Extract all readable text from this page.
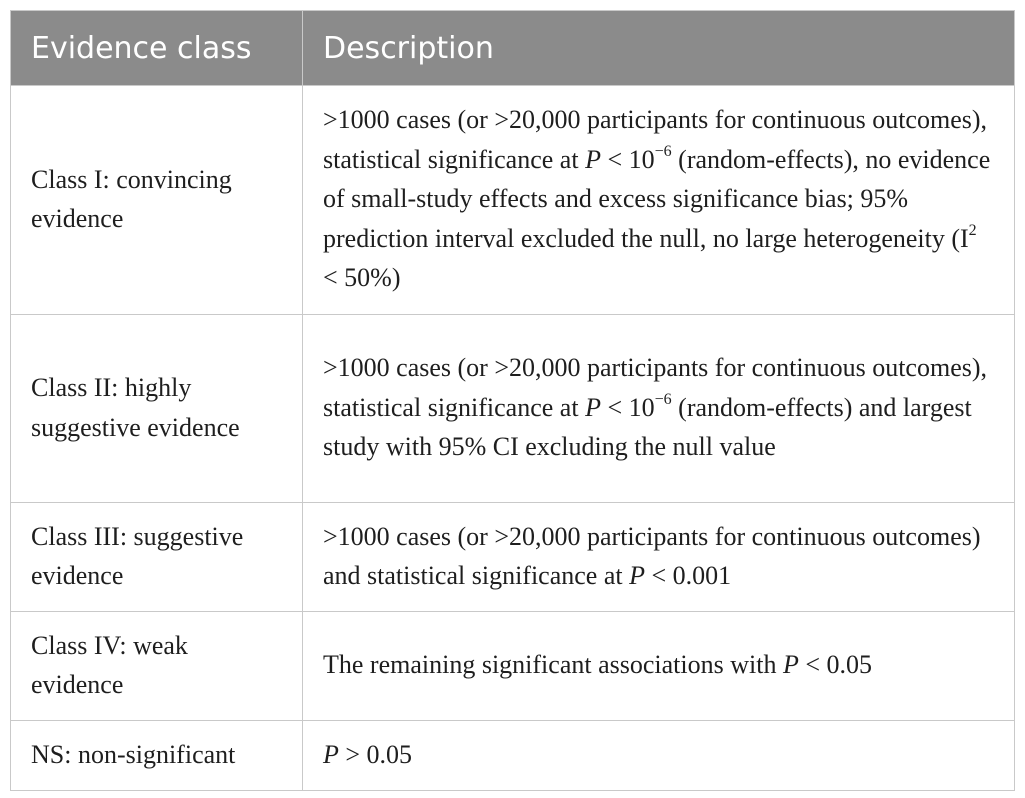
Evidence class	Description
Class I: convincing evidence	>1000 cases (or >20,000 participants for continuous outcomes), statistical significance at $P < 10^{-6}$ (random-effects), no evidence of small-study effects and excess significance bias; 95% prediction interval excluded the null, no large heterogeneity $(I^2 < 50\%)$
Class II: highly suggestive evidence	>1000 cases (or >20,000 participants for continuous outcomes), statistical significance at $P < 10^{-6}$ (random-effects) and largest study with 95% CI excluding the null value
Class III: suggestive evidence	>1000 cases (or >20,000 participants for continuous outcomes) and statistical significance at P < 0.001
Class IV: weak evidence	The remaining significant associations with P < 0.05
NS: non-significant	P > 0.05
